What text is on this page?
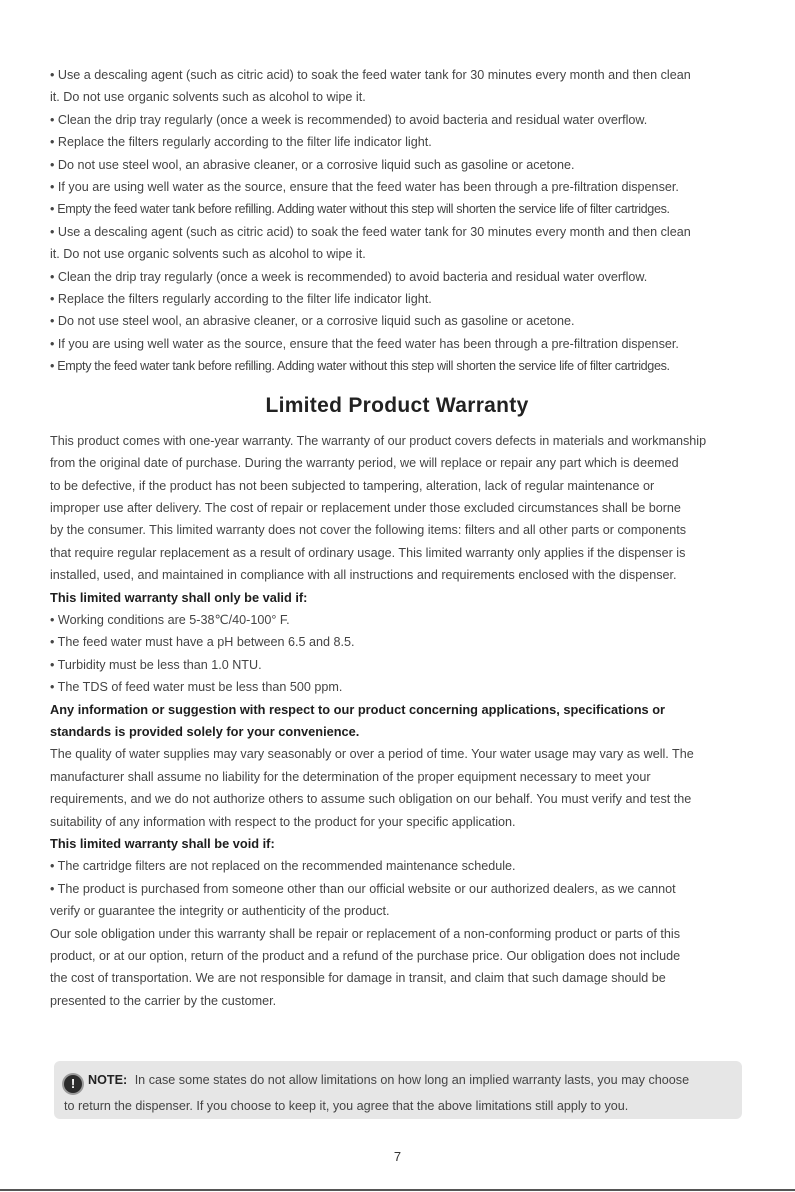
• Use a descaling agent (such as citric acid) to soak the feed water tank for 30 minutes every month and then clean

it. Do not use organic solvents such as alcohol to wipe it.

• Clean the drip tray regularly (once a week is recommended) to avoid bacteria and residual water overflow.

• Replace the filters regularly according to the filter life indicator light.

• Do not use steel wool, an abrasive cleaner, or a corrosive liquid such as gasoline or acetone.

• If you are using well water as the source, ensure that the feed water has been through a pre-filtration dispenser.

• Empty the feed water tank before refilling. Adding water without this step will shorten the service life of filter cartridges.

• Use a descaling agent (such as citric acid) to soak the feed water tank for 30 minutes every month and then clean

it. Do not use organic solvents such as alcohol to wipe it.

• Clean the drip tray regularly (once a week is recommended) to avoid bacteria and residual water overflow.

• Replace the filters regularly according to the filter life indicator light.

• Do not use steel wool, an abrasive cleaner, or a corrosive liquid such as gasoline or acetone.

• If you are using well water as the source, ensure that the feed water has been through a pre-filtration dispenser.

• Empty the feed water tank before refilling. Adding water without this step will shorten the service life of filter cartridges.

Limited Product Warranty

This product comes with one-year warranty. The warranty of our product covers defects in materials and workmanship

from the original date of purchase. During the warranty period, we will replace or repair any part which is deemed

to be defective, if the product has not been subjected to tampering, alteration, lack of regular maintenance or

improper use after delivery. The cost of repair or replacement under those excluded circumstances shall be borne

by the consumer. This limited warranty does not cover the following items: filters and all other parts or components

that require regular replacement as a result of ordinary usage. This limited warranty only applies if the dispenser is

installed, used, and maintained in compliance with all instructions and requirements enclosed with the dispenser.

This limited warranty shall only be valid if:

• Working conditions are 5-38℃/40-100° F.

• The feed water must have a pH between 6.5 and 8.5.

• Turbidity must be less than 1.0 NTU.

• The TDS of feed water must be less than 500 ppm.

Any information or suggestion with respect to our product concerning applications, specifications or

standards is provided solely for your convenience.

The quality of water supplies may vary seasonably or over a period of time. Your water usage may vary as well. The

manufacturer shall assume no liability for the determination of the proper equipment necessary to meet your

requirements, and we do not authorize others to assume such obligation on our behalf. You must verify and test the

suitability of any information with respect to the product for your specific application.

This limited warranty shall be void if:

• The cartridge filters are not replaced on the recommended maintenance schedule.

• The product is purchased from someone other than our official website or our authorized dealers, as we cannot

verify or guarantee the integrity or authenticity of the product.

Our sole obligation under this warranty shall be repair or replacement of a non-conforming product or parts of this

product, or at our option, return of the product and a refund of the purchase price. Our obligation does not include

the cost of transportation. We are not responsible for damage in transit, and claim that such damage should be

presented to the carrier by the customer.

! NOTE: In case some states do not allow limitations on how long an implied warranty lasts, you may choose
to return the dispenser. If you choose to keep it, you agree that the above limitations still apply to you.
7
